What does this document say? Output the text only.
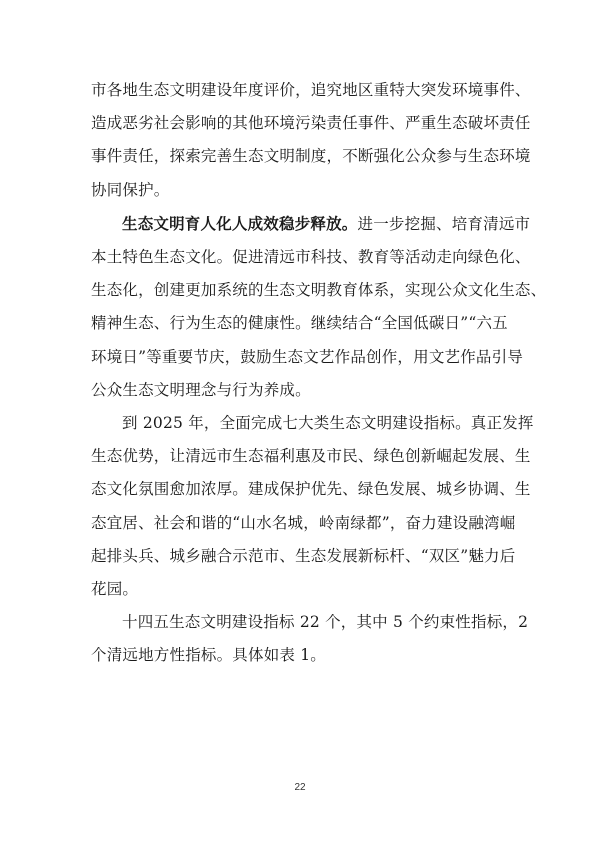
市各地生态文明建设年度评价，追究地区重特大突发环境事件、
造成恶劣社会影响的其他环境污染责任事件、严重生态破坏责任
事件责任，探索完善生态文明制度，不断强化公众参与生态环境
协同保护。

生态文明育人化人成效稳步释放。进一步挖掘、培育清远市
本土特色生态文化。促进清远市科技、教育等活动走向绿色化、
生态化，创建更加系统的生态文明教育体系，实现公众文化生态、
精神生态、行为生态的健康性。继续结合“全国低碳日”“六五
环境日”等重要节庆，鼓励生态文艺作品创作，用文艺作品引导
公众生态文明理念与行为养成。

到 2025 年，全面完成七大类生态文明建设指标。真正发挥
生态优势，让清远市生态福利惠及市民、绿色创新崛起发展、生
态文化氛围愈加浓厚。建成保护优先、绿色发展、城乡协调、生
态宜居、社会和谐的“山水名城，岭南绿都”，奋力建设融湾崛
起排头兵、城乡融合示范市、生态发展新标杆、“双区”魅力后
花园。

十四五生态文明建设指标 22 个，其中 5 个约束性指标，2
个清远地方性指标。具体如表 1。

22
